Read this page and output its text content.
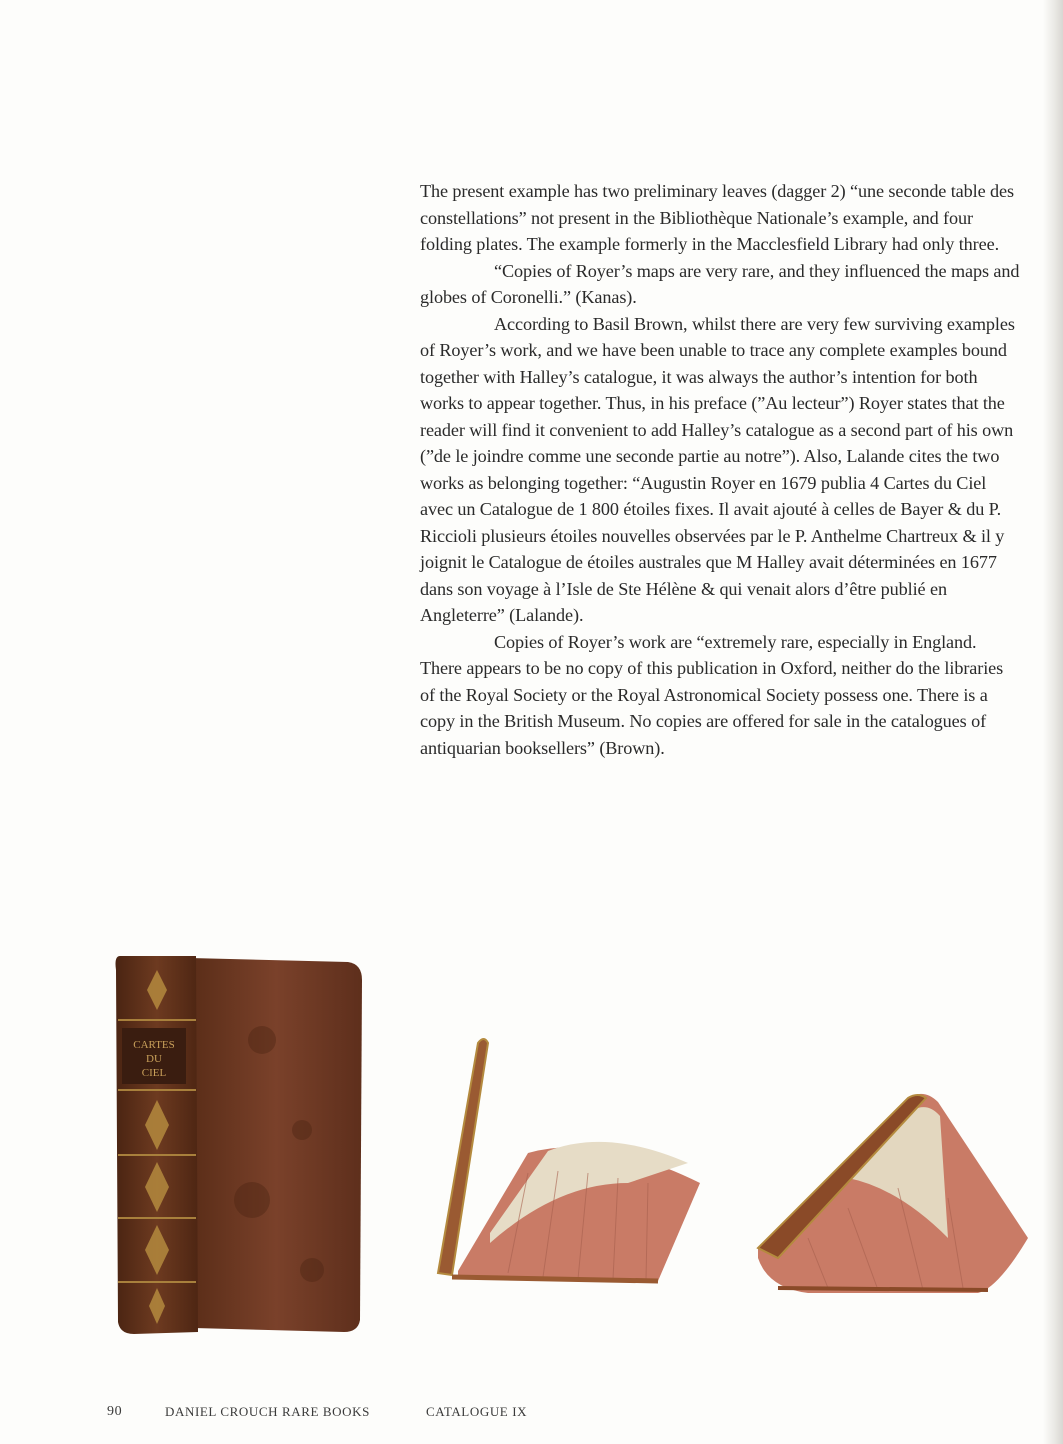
The present example has two preliminary leaves (dagger 2) “une seconde table des constellations” not present in the Bibliothèque Nationale’s example, and four folding plates. The example formerly in the Macclesfield Library had only three.

“Copies of Royer’s maps are very rare, and they influenced the maps and globes of Coronelli.” (Kanas).

According to Basil Brown, whilst there are very few surviving examples of Royer’s work, and we have been unable to trace any complete examples bound together with Halley’s catalogue, it was always the author’s intention for both works to appear together. Thus, in his preface (”Au lecteur”) Royer states that the reader will find it convenient to add Halley’s catalogue as a second part of his own (”de le joindre comme une seconde partie au notre”). Also, Lalande cites the two works as belonging together: “Augustin Royer en 1679 publia 4 Cartes du Ciel avec un Catalogue de 1 800 étoiles fixes. Il avait ajouté à celles de Bayer & du P. Riccioli plusieurs étoiles nouvelles observées par le P. Anthelme Chartreux & il y joignit le Catalogue de étoiles australes que M Halley avait déterminées en 1677 dans son voyage à l’Isle de Ste Hélène & qui venait alors d’être publié en Angleterre” (Lalande).

Copies of Royer’s work are “extremely rare, especially in England. There appears to be no copy of this publication in Oxford, neither do the libraries of the Royal Society or the Royal Astronomical Society possess one. There is a copy in the British Museum. No copies are offered for sale in the catalogues of antiquarian booksellers” (Brown).

CARTES
DU
CIEL
90	DANIEL CROUCH RARE BOOKS	CATALOGUE IX
